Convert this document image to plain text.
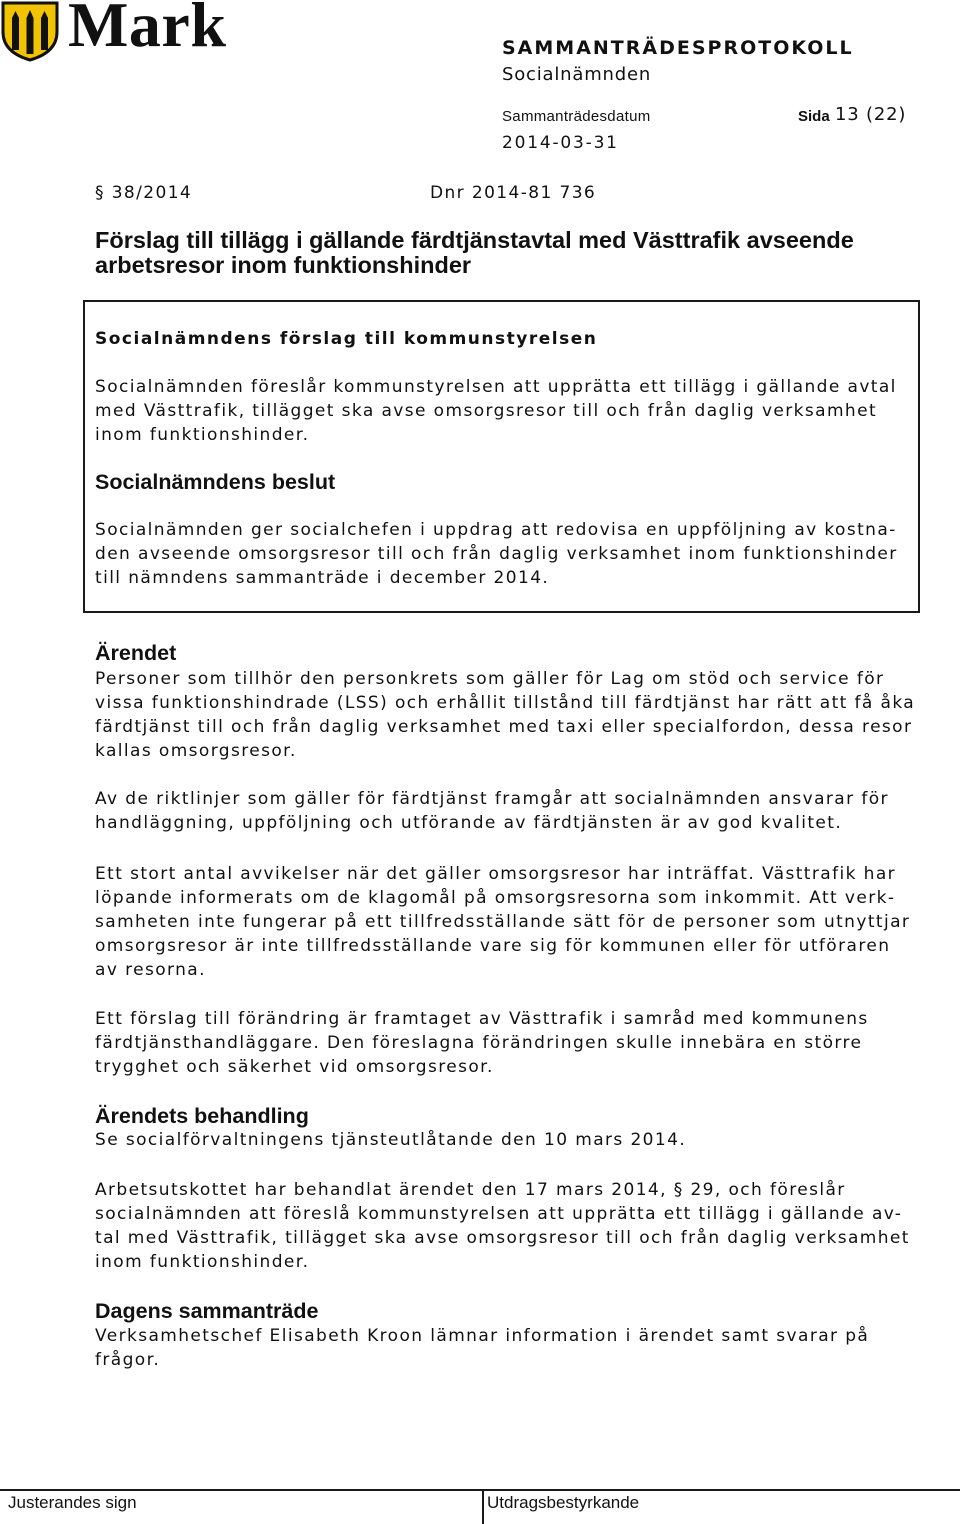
Mark	SAMMANTRÄDESPROTOKOLL
Socialnämnden
Sammanträdesdatum	Sida 13 (22)
2014-03-31
§ 38/2014	Dnr 2014-81 736
Förslag till tillägg i gällande färdtjänstavtal med Västtrafik avseende
arbetsresor inom funktionshinder
Socialnämndens förslag till kommunstyrelsen
Socialnämnden föreslår kommunstyrelsen att upprätta ett tillägg i gällande avtal
med Västtrafik, tillägget ska avse omsorgsresor till och från daglig verksamhet
inom funktionshinder.
Socialnämndens beslut
Socialnämnden ger socialchefen i uppdrag att redovisa en uppföljning av kostna-
den avseende omsorgsresor till och från daglig verksamhet inom funktionshinder
till nämndens sammanträde i december 2014.
Ärendet
Personer som tillhör den personkrets som gäller för Lag om stöd och service för
vissa funktionshindrade (LSS) och erhållit tillstånd till färdtjänst har rätt att få åka
färdtjänst till och från daglig verksamhet med taxi eller specialfordon, dessa resor
kallas omsorgsresor.
Av de riktlinjer som gäller för färdtjänst framgår att socialnämnden ansvarar för
handläggning, uppföljning och utförande av färdtjänsten är av god kvalitet.
Ett stort antal avvikelser när det gäller omsorgsresor har inträffat. Västtrafik har
löpande informerats om de klagomål på omsorgsresorna som inkommit. Att verk-
samheten inte fungerar på ett tillfredsställande sätt för de personer som utnyttjar
omsorgsresor är inte tillfredsställande vare sig för kommunen eller för utföraren
av resorna.
Ett förslag till förändring är framtaget av Västtrafik i samråd med kommunens
färdtjänsthandläggare. Den föreslagna förändringen skulle innebära en större
trygghet och säkerhet vid omsorgsresor.
Ärendets behandling
Se socialförvaltningens tjänsteutlåtande den 10 mars 2014.
Arbetsutskottet har behandlat ärendet den 17 mars 2014, § 29, och föreslår
socialnämnden att föreslå kommunstyrelsen att upprätta ett tillägg i gällande av-
tal med Västtrafik, tillägget ska avse omsorgsresor till och från daglig verksamhet
inom funktionshinder.
Dagens sammanträde
Verksamhetschef Elisabeth Kroon lämnar information i ärendet samt svarar på
frågor.
Justerandes sign	Utdragsbestyrkande
